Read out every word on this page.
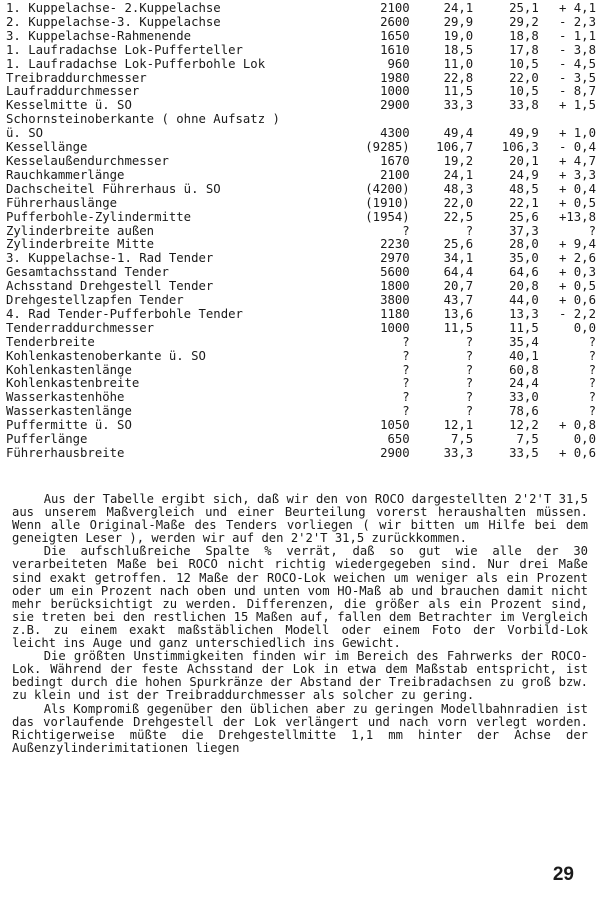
1. Kuppelachse- 2.Kuppelachse	2100	24,1	25,1	+ 4,1
2. Kuppelachse-3. Kuppelachse	2600	29,9	29,2	- 2,3
3. Kuppelachse-Rahmenende	1650	19,0	18,8	- 1,1
1. Laufradachse Lok-Pufferteller	1610	18,5	17,8	- 3,8
1. Laufradachse Lok-Pufferbohle Lok	960	11,0	10,5	- 4,5
Treibraddurchmesser	1980	22,8	22,0	- 3,5
Laufraddurchmesser	1000	11,5	10,5	- 8,7
Kesselmitte ü. SO	2900	33,3	33,8	+ 1,5
Schornsteinoberkante ( ohne Aufsatz )				
ü. SO	4300	49,4	49,9	+ 1,0
Kessellänge	(9285)	106,7	106,3	- 0,4
Kesselaußendurchmesser	1670	19,2	20,1	+ 4,7
Rauchkammerlänge	2100	24,1	24,9	+ 3,3
Dachscheitel Führerhaus ü. SO	(4200)	48,3	48,5	+ 0,4
Führerhauslänge	(1910)	22,0	22,1	+ 0,5
Pufferbohle-Zylindermitte	(1954)	22,5	25,6	+13,8
Zylinderbreite außen	?	?	37,3	?
Zylinderbreite Mitte	2230	25,6	28,0	+ 9,4
3. Kuppelachse-1. Rad Tender	2970	34,1	35,0	+ 2,6
Gesamtachsstand Tender	5600	64,4	64,6	+ 0,3
Achsstand Drehgestell Tender	1800	20,7	20,8	+ 0,5
Drehgestellzapfen Tender	3800	43,7	44,0	+ 0,6
4. Rad Tender-Pufferbohle Tender	1180	13,6	13,3	- 2,2
Tenderraddurchmesser	1000	11,5	11,5	0,0
Tenderbreite	?	?	35,4	?
Kohlenkastenoberkante ü. SO	?	?	40,1	?
Kohlenkastenlänge	?	?	60,8	?
Kohlenkastenbreite	?	?	24,4	?
Wasserkastenhöhe	?	?	33,0	?
Wasserkastenlänge	?	?	78,6	?
Puffermitte ü. SO	1050	12,1	12,2	+ 0,8
Pufferlänge	650	7,5	7,5	0,0
Führerhausbreite	2900	33,3	33,5	+ 0,6

Aus der Tabelle ergibt sich, daß wir den von ROCO dargestellten 2'2'T 31,5 aus unserem Maßvergleich und einer Beurteilung vorerst heraushalten müssen. Wenn alle Original-Maße des Tenders vorliegen ( wir bitten um Hilfe bei dem geneigten Leser ), werden wir auf den 2'2'T 31,5 zurückkommen.

Die aufschlußreiche Spalte % verrät, daß so gut wie alle der 30 verarbeiteten Maße bei ROCO nicht richtig wiedergegeben sind. Nur drei Maße sind exakt getroffen. 12 Maße der ROCO-Lok weichen um weniger als ein Prozent oder um ein Prozent nach oben und unten vom HO-Maß ab und brauchen damit nicht mehr berücksichtigt zu werden. Differenzen, die größer als ein Prozent sind, sie treten bei den restlichen 15 Maßen auf, fallen dem Betrachter im Vergleich z.B. zu einem exakt maßstäblichen Modell oder einem Foto der Vorbild-Lok leicht ins Auge und ganz unterschiedlich ins Gewicht.

Die größten Unstimmigkeiten finden wir im Bereich des Fahrwerks der ROCO-Lok. Während der feste Achsstand der Lok in etwa dem Maßstab entspricht, ist bedingt durch die hohen Spurkränze der Abstand der Treibradachsen zu groß bzw. zu klein und ist der Treibraddurchmesser als solcher zu gering.

Als Kompromiß gegenüber den üblichen aber zu geringen Modellbahnradien ist das vorlaufende Drehgestell der Lok verlängert und nach vorn verlegt worden. Richtigerweise müßte die Drehgestellmitte 1,1 mm hinter der Achse der Außenzylinderimitationen liegen

29
